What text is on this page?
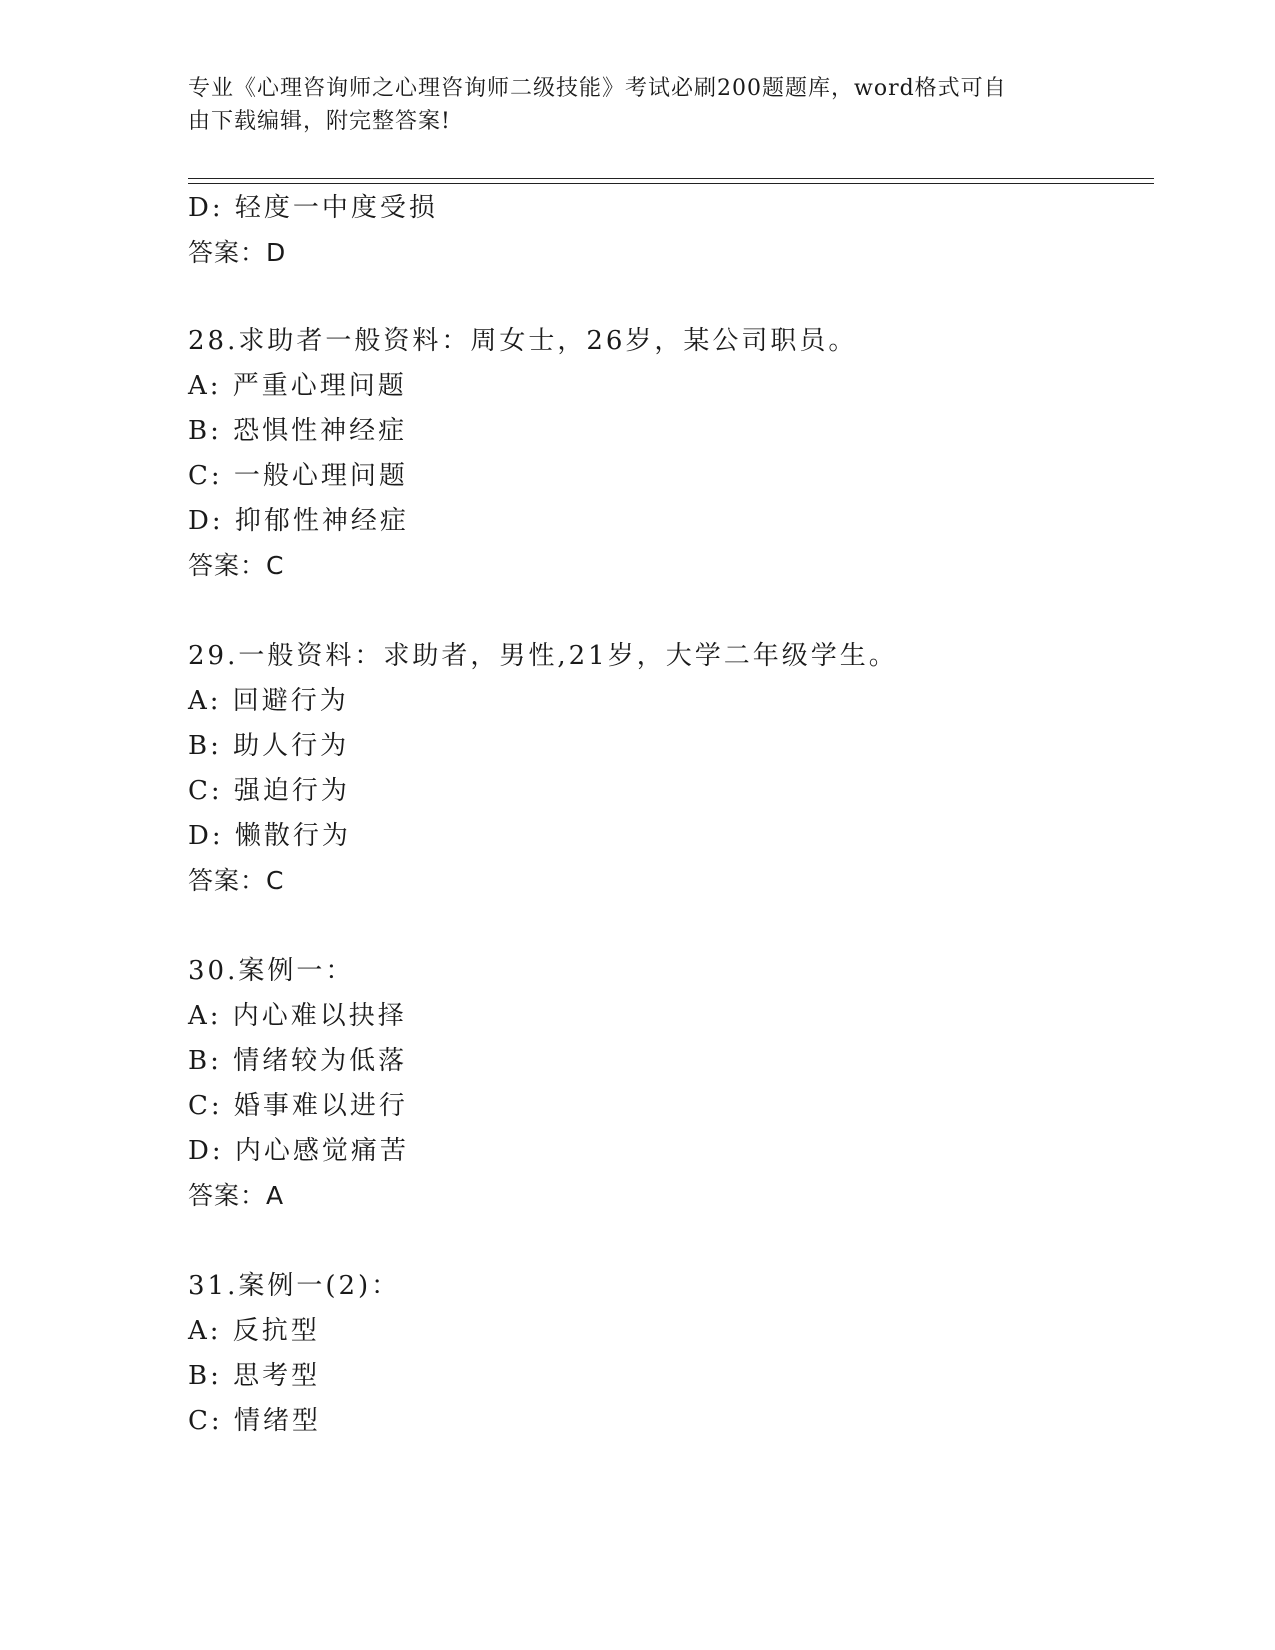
专业《心理咨询师之心理咨询师二级技能》考试必刷200题题库，word格式可自
由下载编辑，附完整答案!
D: 轻度一中度受损
答案：D
28.求助者一般资料：周女士，26岁，某公司职员。
A: 严重心理问题
B: 恐惧性神经症
C: 一般心理问题
D: 抑郁性神经症
答案：C
29.一般资料：求助者，男性,21岁，大学二年级学生。
A: 回避行为
B: 助人行为
C: 强迫行为
D: 懒散行为
答案：C
30.案例一：
A: 内心难以抉择
B: 情绪较为低落
C: 婚事难以进行
D: 内心感觉痛苦
答案：A
31.案例一(2)：
A: 反抗型
B: 思考型
C: 情绪型
